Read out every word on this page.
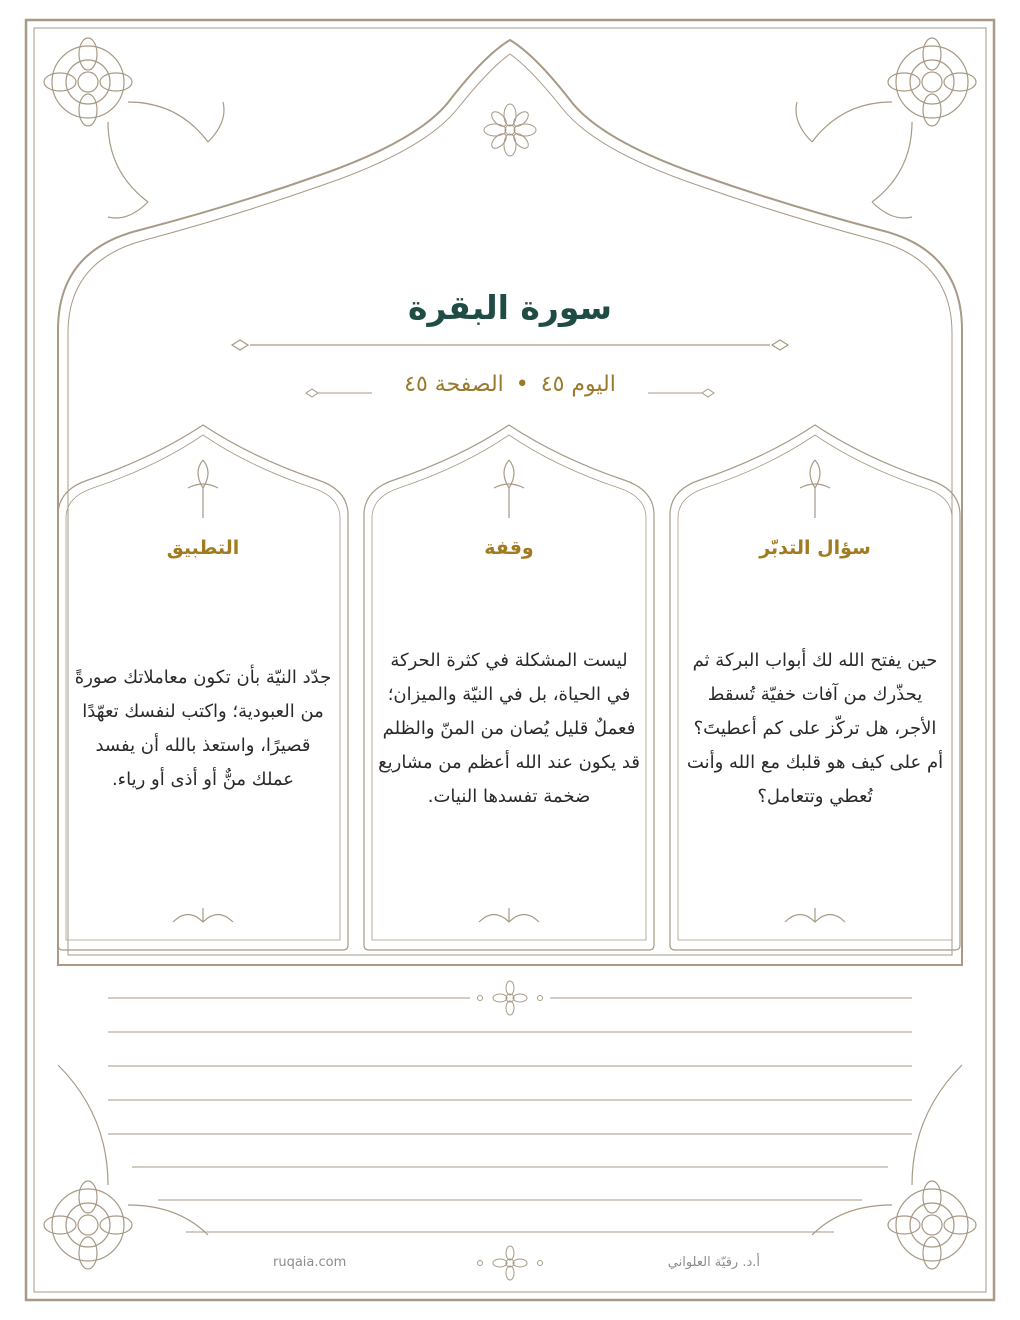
سورة البقرة
اليوم ٤٥•الصفحة ٤٥
سؤال التدبّر
حين يفتح الله لك أبواب البركة ثم يحذّرك من آفات خفيّة تُسقط الأجر، هل تركّز على كم أعطيتَ؟ أم على كيف هو قلبك مع الله وأنت تُعطي وتتعامل؟
وقفة
ليست المشكلة في كثرة الحركة في الحياة، بل في النيّة والميزان؛ فعملٌ قليل يُصان من المنّ والظلم قد يكون عند الله أعظم من مشاريع ضخمة تفسدها النيات.
التطبيق
جدّد النيّة بأن تكون معاملاتك صورةً من العبودية؛ واكتب لنفسك تعهّدًا قصيرًا، واستعذ بالله أن يفسد عملك منٌّ أو أذى أو رياء.
ruqaia.com	أ.د. رقيّة العلواني
